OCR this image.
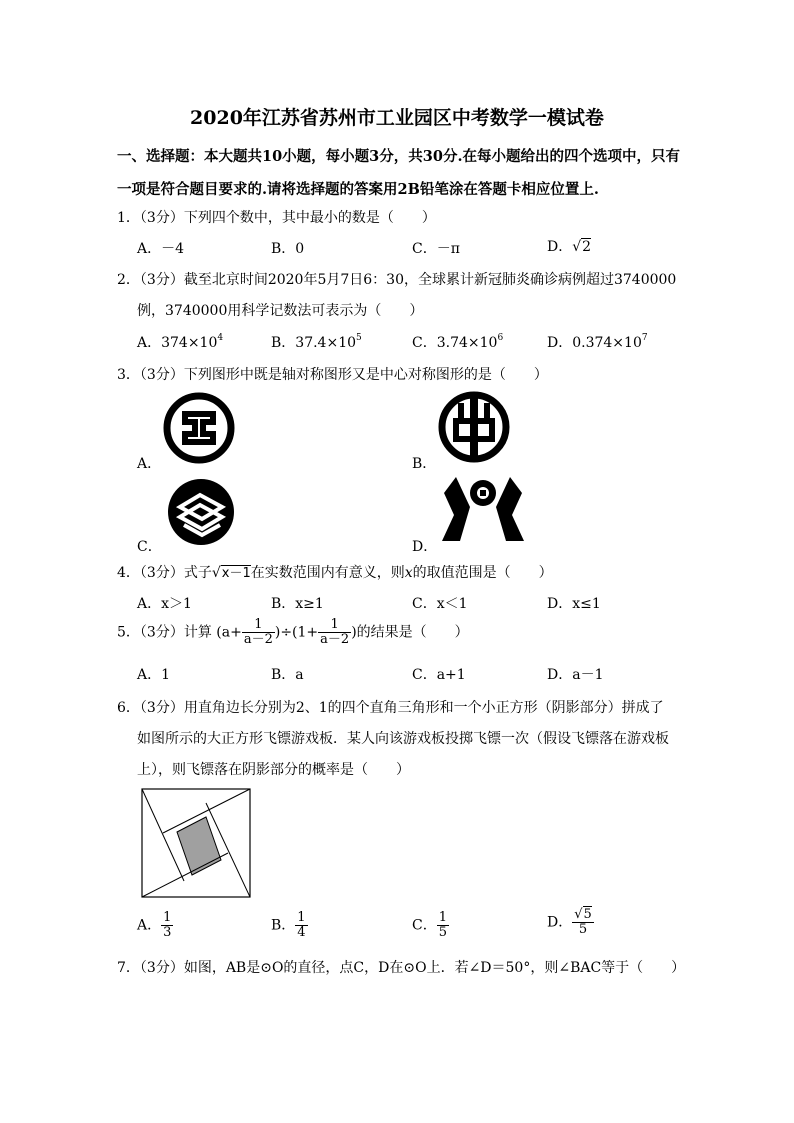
2020年江苏省苏州市工业园区中考数学一模试卷
一、选择题：本大题共10小题，每小题3分，共30分.在每小题给出的四个选项中，只有
一项是符合题目要求的.请将选择题的答案用2B铅笔涂在答题卡相应位置上.
1．（3分）下列四个数中，其中最小的数是（　　）
A．－4	B．0	C．－π	D．√2
2．（3分）截至北京时间2020年5月7日6：30，全球累计新冠肺炎确诊病例超过3740000
例，3740000用科学记数法可表示为（　　）
A．$374\times 10^4$	B．$37.4\times 10^5$	C．$3.74\times 10^6$	D．$0.374\times 10^7$
3．（3分）下列图形中既是轴对称图形又是中心对称图形的是（　　）
A．	B．
C．	D．
4．（3分）式子√x－1在实数范围内有意义，则x的取值范围是（　　）
A．x＞1	B．x≥1	C．x＜1	D．x≤1
5．（3分）计算 $(a+ \frac{1}{a-2} )\div(1+ \frac{1}{a-2}$ )的结果是（　　）
A．1	B．a	C．a+1	D．a－1
6．（3分）用直角边长分别为2、1的四个直角三角形和一个小正方形（阴影部分）拼成了
如图所示的大正方形飞镖游戏板．某人向该游戏板投掷飞镖一次（假设飞镖落在游戏板
上），则飞镖落在阴影部分的概率是（　　）
A． $\frac{1}{3}$	B． $\frac{1}{4}$	C． $\frac{1}{5}$	D． $\frac{√5}{5}$
7．（3分）如图，AB是⊙O的直径，点C，D在⊙O上．若∠D＝50°，则∠BAC等于（　　）
